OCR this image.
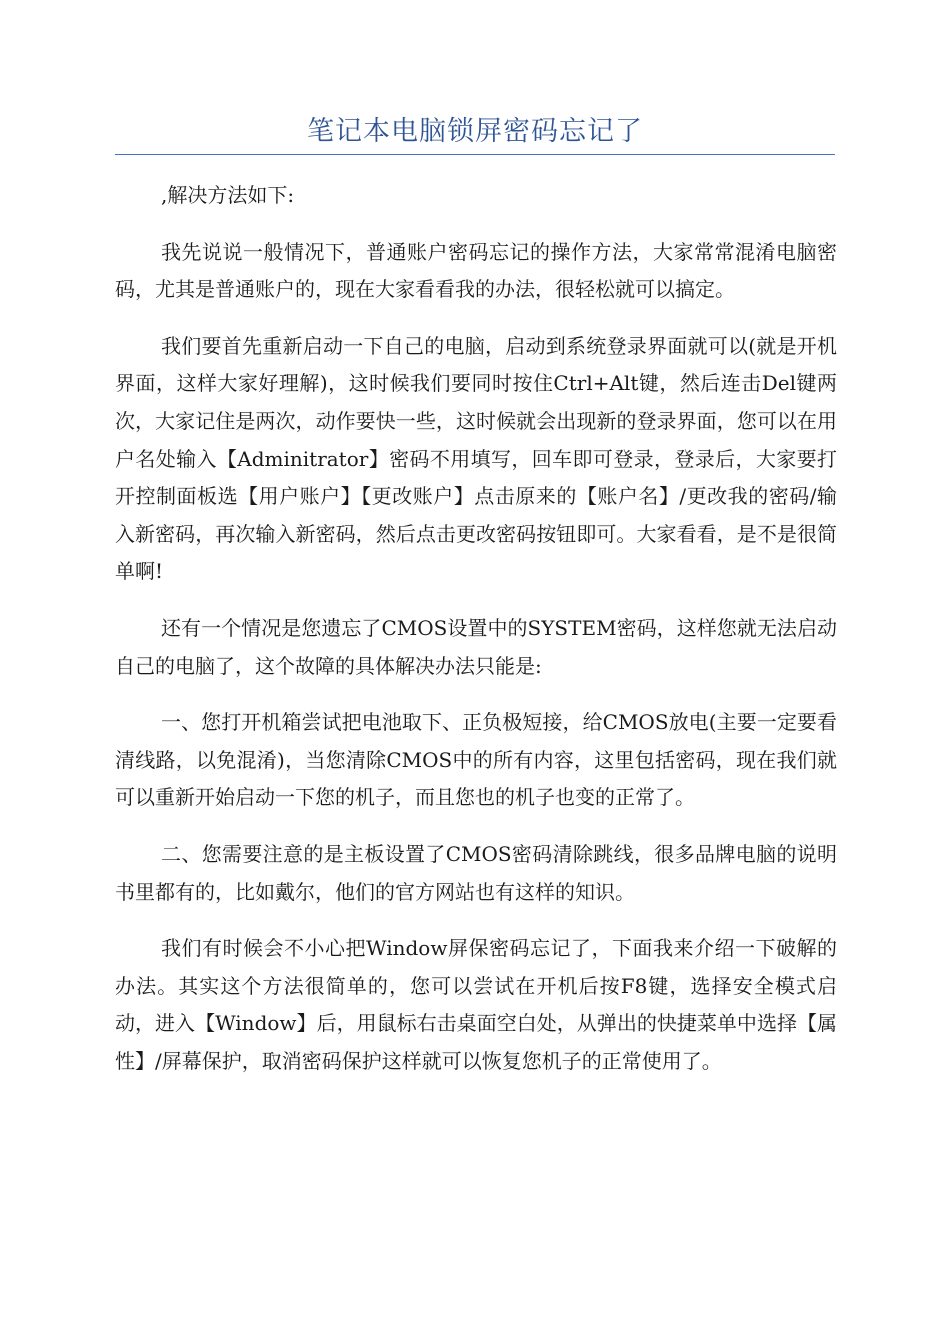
笔记本电脑锁屏密码忘记了

,解决方法如下:

我先说说一般情况下，普通账户密码忘记的操作方法，大家常常混淆电脑密码，尤其是普通账户的，现在大家看看我的办法，很轻松就可以搞定。

我们要首先重新启动一下自己的电脑，启动到系统登录界面就可以(就是开机界面，这样大家好理解)，这时候我们要同时按住Ctrl+Alt键，然后连击Del键两次，大家记住是两次，动作要快一些，这时候就会出现新的登录界面，您可以在用户名处输入【Adminitrator】密码不用填写，回车即可登录，登录后，大家要打开控制面板选【用户账户】【更改账户】点击原来的【账户名】/更改我的密码/输入新密码，再次输入新密码，然后点击更改密码按钮即可。大家看看，是不是很简单啊!

还有一个情况是您遗忘了CMOS设置中的SYSTEM密码，这样您就无法启动自己的电脑了，这个故障的具体解决办法只能是:

一、您打开机箱尝试把电池取下、正负极短接，给CMOS放电(主要一定要看清线路，以免混淆)，当您清除CMOS中的所有内容，这里包括密码，现在我们就可以重新开始启动一下您的机子，而且您也的机子也变的正常了。

二、您需要注意的是主板设置了CMOS密码清除跳线，很多品牌电脑的说明书里都有的，比如戴尔，他们的官方网站也有这样的知识。

我们有时候会不小心把Window屏保密码忘记了，下面我来介绍一下破解的办法。其实这个方法很简单的，您可以尝试在开机后按F8键，选择安全模式启动，进入【Window】后，用鼠标右击桌面空白处，从弹出的快捷菜单中选择【属性】/屏幕保护，取消密码保护这样就可以恢复您机子的正常使用了。
